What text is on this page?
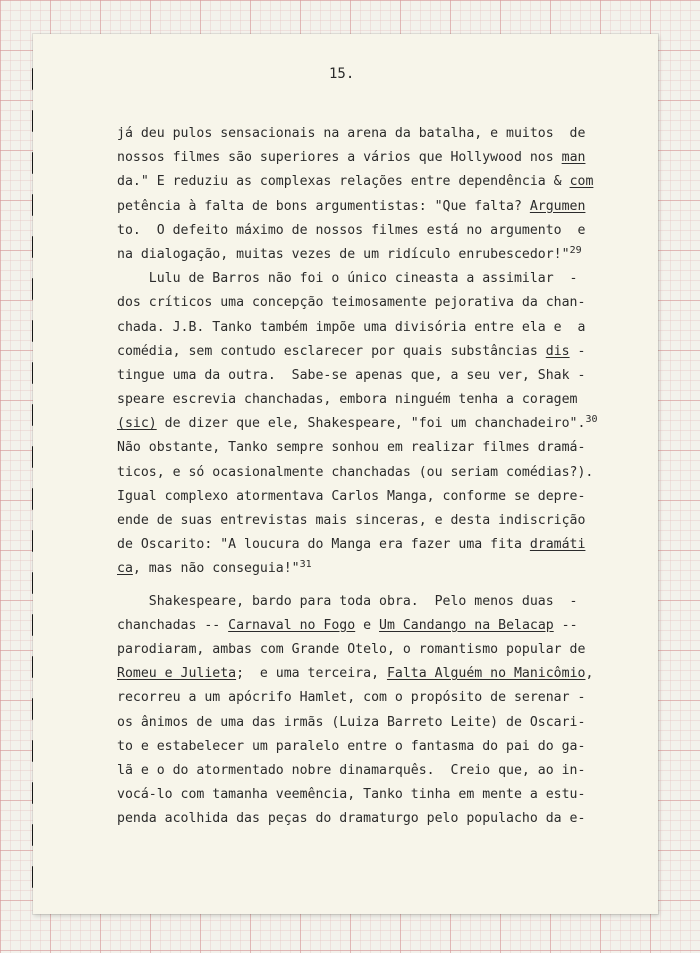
15.
já deu pulos sensacionais na arena da batalha, e muitos  de
nossos filmes são superiores a vários que Hollywood nos man
da." E reduziu as complexas relações entre dependência & com
petência à falta de bons argumentistas: "Que falta? Argumen
to.  O defeito máximo de nossos filmes está no argumento  e
na dialogação, muitas vezes de um ridículo enrubescedor!"$^{29}$
Lulu de Barros não foi o único cineasta a assimilar  -
dos críticos uma concepção teimosamente pejorativa da chan-
chada. J.B. Tanko também impõe uma divisória entre ela e  a
comédia, sem contudo esclarecer por quais substâncias dis -
tingue uma da outra.  Sabe-se apenas que, a seu ver, Shak -
speare escrevia chanchadas, embora ninguém tenha a coragem
(sic) de dizer que ele, Shakespeare, "foi um chanchadeiro".$^{30}$
Não obstante, Tanko sempre sonhou em realizar filmes dramá-
ticos, e só ocasionalmente chanchadas (ou seriam comédias?).
Igual complexo atormentava Carlos Manga, conforme se depre-
ende de suas entrevistas mais sinceras, e desta indiscrição
de Oscarito: "A loucura do Manga era fazer uma fita dramáti
ca, mas não conseguia!"$^{31}$
Shakespeare, bardo para toda obra.  Pelo menos duas  -
chanchadas -- Carnaval no Fogo e Um Candango na Belacap --
parodiaram, ambas com Grande Otelo, o romantismo popular de
Romeu e Julieta;  e uma terceira, Falta Alguém no Manicômio,
recorreu a um apócrifo Hamlet, com o propósito de serenar -
os ânimos de uma das irmãs (Luiza Barreto Leite) de Oscari-
to e estabelecer um paralelo entre o fantasma do pai do ga-
lã e o do atormentado nobre dinamarquês.  Creio que, ao in-
vocá-lo com tamanha veemência, Tanko tinha em mente a estu-
penda acolhida das peças do dramaturgo pelo populacho da e-
